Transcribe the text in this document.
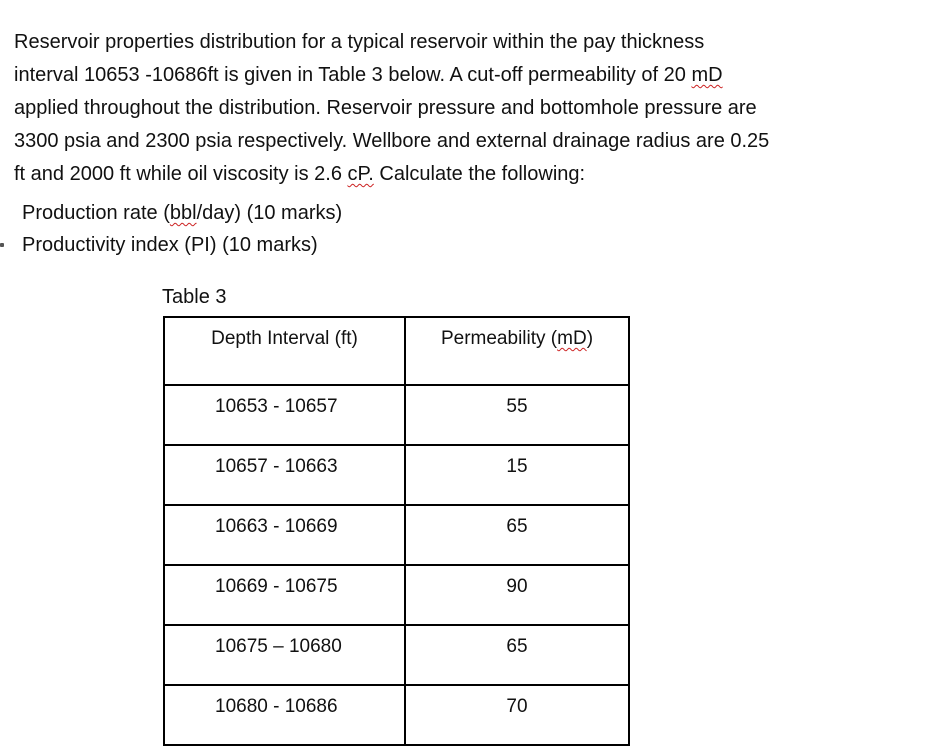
Reservoir properties distribution for a typical reservoir within the pay thickness
interval 10653 -10686ft is given in Table 3 below. A cut-off permeability of 20 mD
applied throughout the distribution. Reservoir pressure and bottomhole pressure are
3300 psia and 2300 psia respectively. Wellbore and external drainage radius are 0.25
ft and 2000 ft while oil viscosity is 2.6 cP. Calculate the following:
Production rate (bbl/day) (10 marks)
Productivity index (PI) (10 marks)
Table 3
Depth Interval (ft)	Permeability (mD)
10653 - 10657	55
10657 - 10663	15
10663 - 10669	65
10669 - 10675	90
10675 – 10680	65
10680 - 10686	70
